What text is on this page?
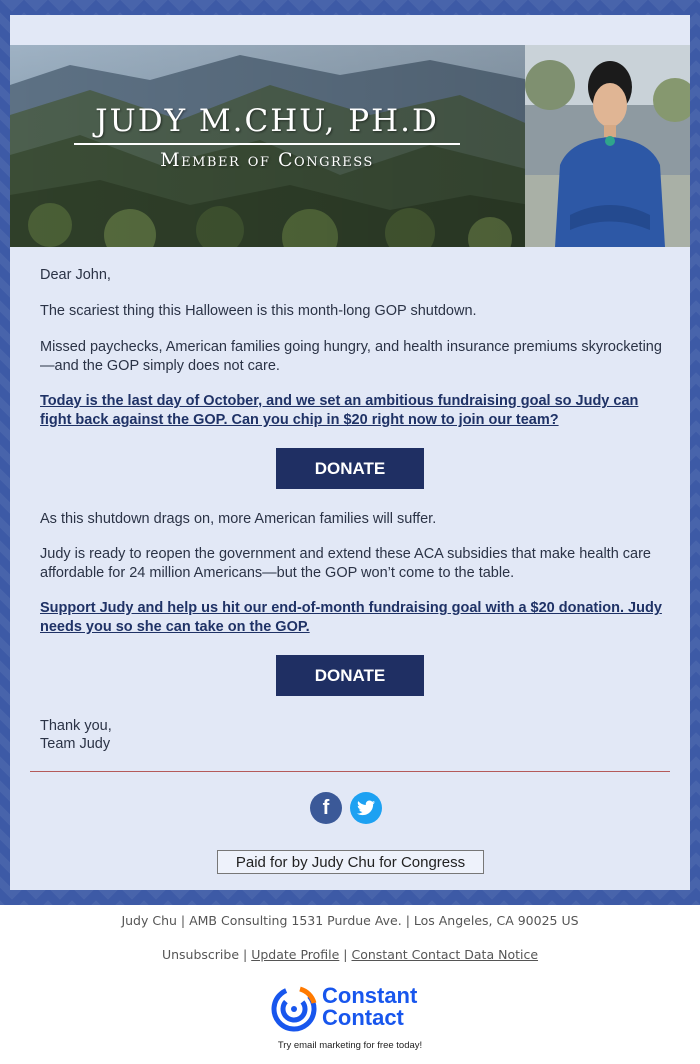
JUDY M.CHU, PH.D
Member of Congress
Dear John,
The scariest thing this Halloween is this month-long GOP shutdown.
Missed paychecks, American families going hungry, and health insurance premiums skyrocketing—and the GOP simply does not care.
Today is the last day of October, and we set an ambitious fundraising goal so Judy can fight back against the GOP. Can you chip in $20 right now to join our team?
DONATE
As this shutdown drags on, more American families will suffer.
Judy is ready to reopen the government and extend these ACA subsidies that make health care affordable for 24 million Americans—but the GOP won’t come to the table.
Support Judy and help us hit our end-of-month fundraising goal with a $20 donation. Judy needs you so she can take on the GOP.
DONATE
Thank you,
Team Judy
f
Paid for by Judy Chu for Congress
Judy Chu | AMB Consulting 1531 Purdue Ave. | Los Angeles, CA 90025 US
Unsubscribe | Update Profile | Constant Contact Data Notice
Constant
Contact
Try email marketing for free today!
